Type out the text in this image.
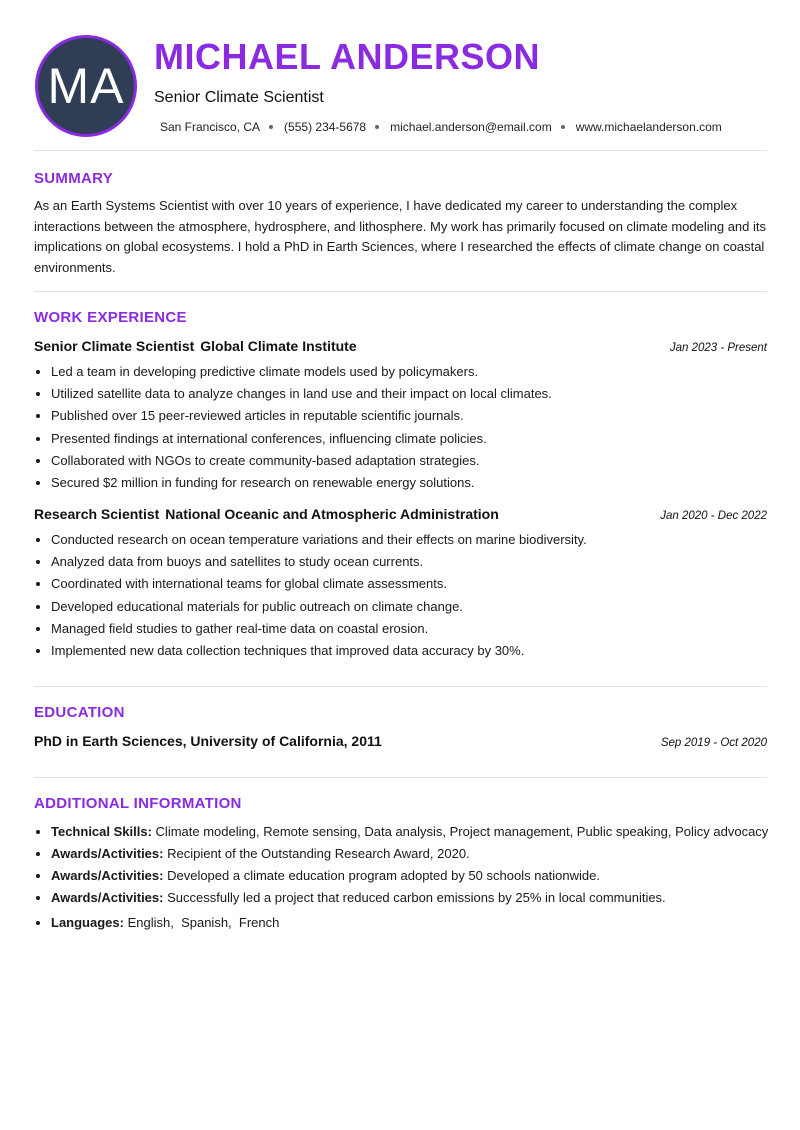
MA
MICHAEL ANDERSON
Senior Climate Scientist
San Francisco, CA (555) 234-5678 michael.anderson@email.com www.michaelanderson.com
SUMMARY
As an Earth Systems Scientist with over 10 years of experience, I have dedicated my career to understanding the complex interactions between the atmosphere, hydrosphere, and lithosphere. My work has primarily focused on climate modeling and its implications on global ecosystems. I hold a PhD in Earth Sciences, where I researched the effects of climate change on coastal environments.
WORK EXPERIENCE
Senior Climate Scientist Global Climate Institute	Jan 2023 - Present
• Led a team in developing predictive climate models used by policymakers.
• Utilized satellite data to analyze changes in land use and their impact on local climates.
• Published over 15 peer-reviewed articles in reputable scientific journals.
• Presented findings at international conferences, influencing climate policies.
• Collaborated with NGOs to create community-based adaptation strategies.
• Secured $2 million in funding for research on renewable energy solutions.
Research Scientist National Oceanic and Atmospheric Administration	Jan 2020 - Dec 2022
• Conducted research on ocean temperature variations and their effects on marine biodiversity.
• Analyzed data from buoys and satellites to study ocean currents.
• Coordinated with international teams for global climate assessments.
• Developed educational materials for public outreach on climate change.
• Managed field studies to gather real-time data on coastal erosion.
• Implemented new data collection techniques that improved data accuracy by 30%.
EDUCATION
PhD in Earth Sciences, University of California, 2011	Sep 2019 - Oct 2020
ADDITIONAL INFORMATION
• Technical Skills: Climate modeling, Remote sensing, Data analysis, Project management, Public speaking, Policy advocacy
• Awards/Activities: Recipient of the Outstanding Research Award, 2020.
• Awards/Activities: Developed a climate education program adopted by 50 schools nationwide.
• Awards/Activities: Successfully led a project that reduced carbon emissions by 25% in local communities.
• Languages: English,  Spanish,  French
